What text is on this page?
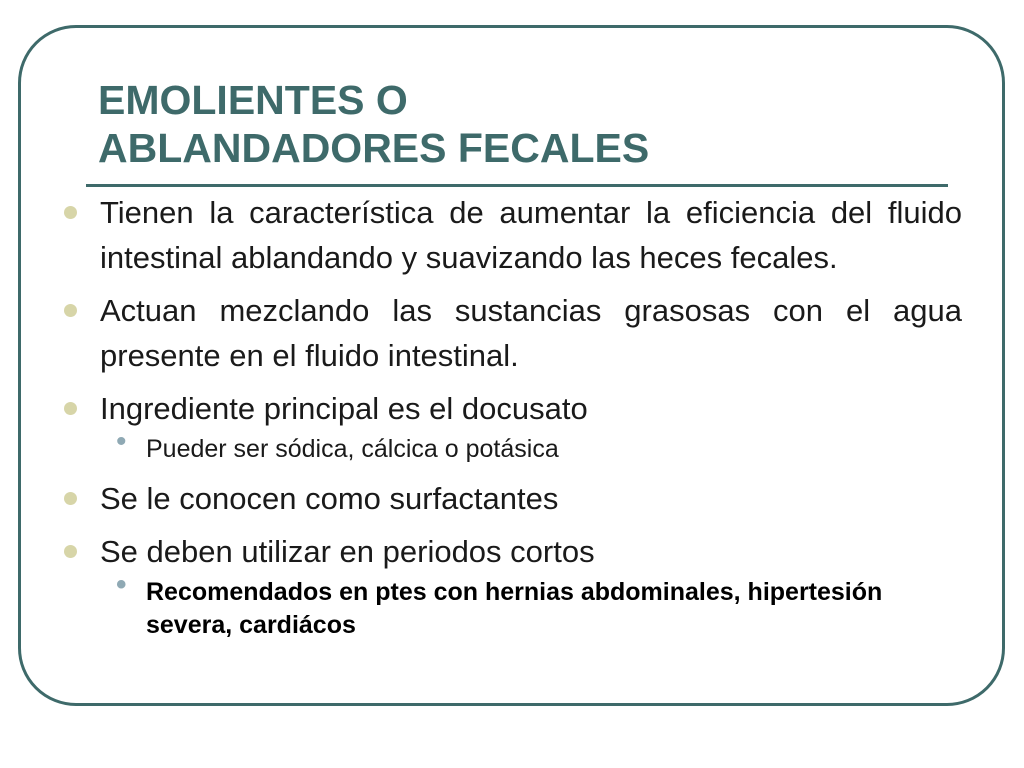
EMOLIENTES O
ABLANDADORES FECALES
Tienen la característica de aumentar la eficiencia del fluido intestinal ablandando y suavizando las heces fecales.
Actuan mezclando las sustancias grasosas con el agua presente en el fluido intestinal.
Ingrediente principal es el docusato
• Pueder ser sódica, cálcica o potásica
Se le conocen como surfactantes
Se deben utilizar en periodos cortos
• Recomendados en ptes con hernias abdominales, hipertesión severa, cardiácos
